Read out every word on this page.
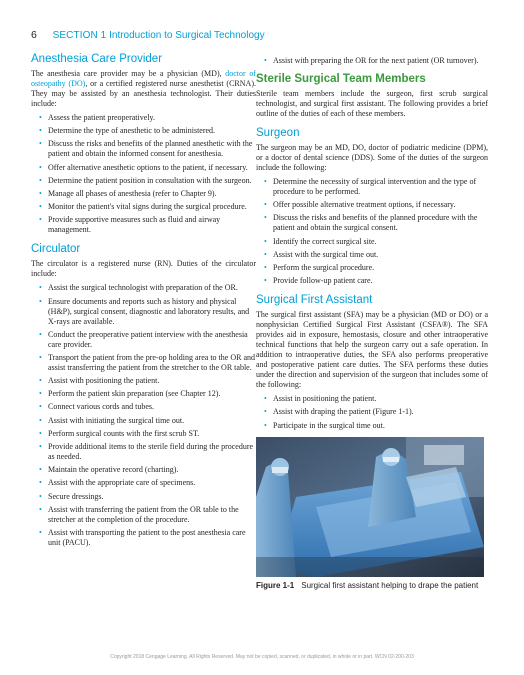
6 SECTION 1 Introduction to Surgical Technology
Anesthesia Care Provider

The anesthesia care provider may be a physician (MD), doctor of osteopathy (DO), or a certified registered nurse anesthetist (CRNA). They may be assisted by an anesthesia technologist. Their duties include:

• Assess the patient preoperatively.
• Determine the type of anesthetic to be administered.
• Discuss the risks and benefits of the planned anesthetic with the patient and obtain the informed consent for anesthesia.
• Offer alternative anesthetic options to the patient, if necessary.
• Determine the patient position in consultation with the surgeon.
• Manage all phases of anesthesia (refer to Chapter 9).
• Monitor the patient's vital signs during the surgical procedure.
• Provide supportive measures such as fluid and airway management.
Circulator

The circulator is a registered nurse (RN). Duties of the circulator include:

• Assist the surgical technologist with preparation of the OR.
• Ensure documents and reports such as history and physical (H&P), surgical consent, diagnostic and laboratory results, and X-rays are available.
• Conduct the preoperative patient interview with the anesthesia care provider.
• Transport the patient from the pre-op holding area to the OR and assist transferring the patient from the stretcher to the OR table.
• Assist with positioning the patient.
• Perform the patient skin preparation (see Chapter 12).
• Connect various cords and tubes.
• Assist with initiating the surgical time out.
• Perform surgical counts with the first scrub ST.
• Provide additional items to the sterile field during the procedure as needed.
• Maintain the operative record (charting).
• Assist with the appropriate care of specimens.
• Secure dressings.
• Assist with transferring the patient from the OR table to the stretcher at the completion of the procedure.
• Assist with transporting the patient to the post anesthesia care unit (PACU).
• Assist with preparing the OR for the next patient (OR turnover).
Sterile Surgical Team Members

Sterile team members include the surgeon, first scrub surgical technologist, and surgical first assistant. The following provides a brief outline of the duties of each of these members.

Surgeon

The surgeon may be an MD, DO, doctor of podiatric medicine (DPM), or a doctor of dental science (DDS). Some of the duties of the surgeon include the following:

• Determine the necessity of surgical intervention and the type of procedure to be performed.
• Offer possible alternative treatment options, if necessary.
• Discuss the risks and benefits of the planned procedure with the patient and obtain the surgical consent.
• Identify the correct surgical site.
• Assist with the surgical time out.
• Perform the surgical procedure.
• Provide follow-up patient care.
Surgical First Assistant

The surgical first assistant (SFA) may be a physician (MD or DO) or a nonphysician Certified Surgical First Assistant (CSFA®). The SFA provides aid in exposure, hemostasis, closure and other intraoperative technical functions that help the surgeon carry out a safe operation. In addition to intraoperative duties, the SFA also performs preoperative and postoperative patient care duties. The SFA performs these duties under the direction and supervision of the surgeon that includes some of the following:

• Assist in positioning the patient.
• Assist with draping the patient (Figure 1-1).
• Participate in the surgical time out.
Figure 1-1 Surgical first assistant helping to drape the patient
Copyright 2018 Cengage Learning. All Rights Reserved. May not be copied, scanned, or duplicated, in whole or in part. WCN 02-200-203
